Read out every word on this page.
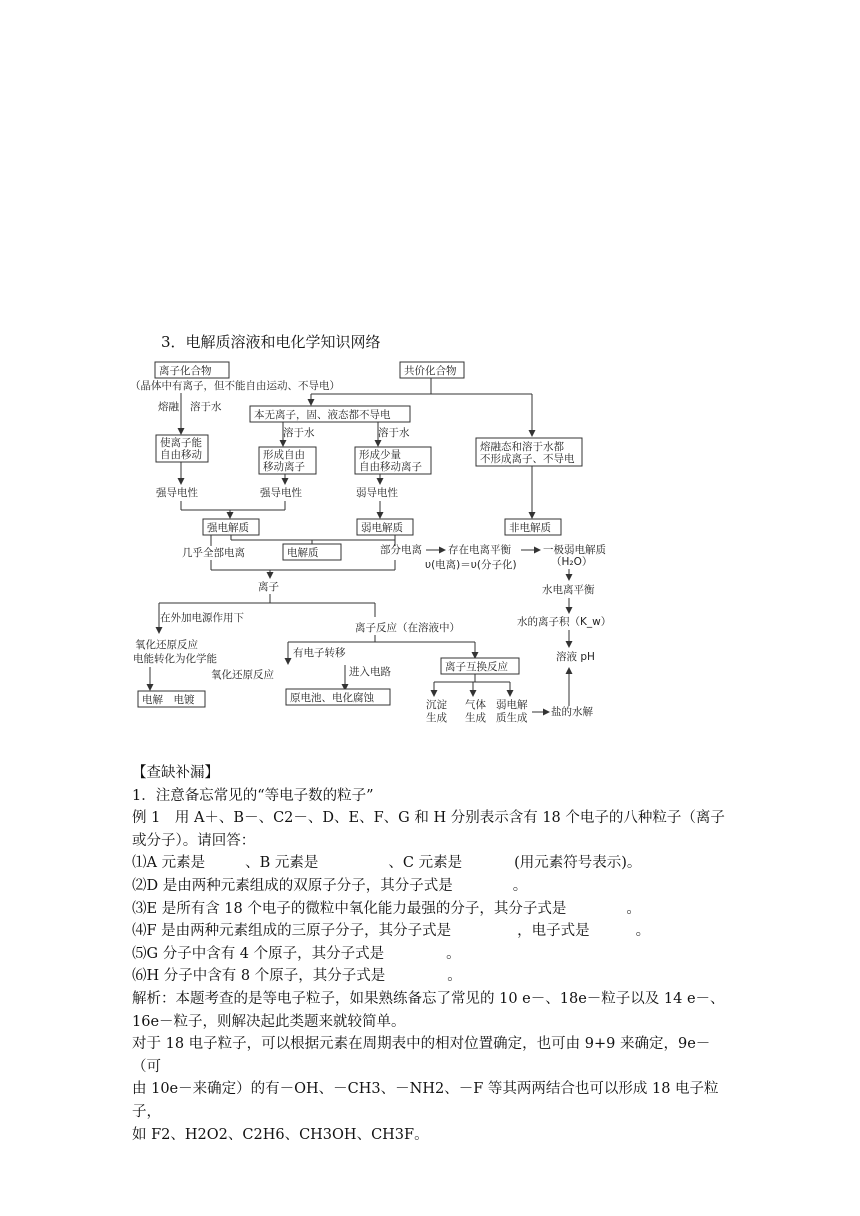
3．电解质溶液和电化学知识网络
离子化合物
（晶体中有离子，但不能自由运动、不导电）
共价化合物
熔融 溶于水
本无离子，固、液态都不导电
溶于水	溶于水
使离子能
自由移动	形成自由
移动离子
形成少量
自由移动离子
熔融态和溶于水都
不形成离子、不导电
强导电性	强导电性	弱导电性
强电解质	弱电解质	非电解质
电解质
几乎全部电离	部分电离 存在电离平衡
υ(电离)＝υ(分子化)
一极弱电解质
（H₂O）
水电离平衡
水的离子积（K_w）
溶液 pH
离子
在外加电源作用下
离子反应（在溶液中）
氧化还原反应
电能转化为化学能
电解　电镀
有电子转移
氧化还原反应	进入电路
原电池、电化腐蚀
离子互换反应
沉淀
生成
气体
生成
弱电解
质生成 盐的水解

【查缺补漏】

1．注意备忘常见的“等电子数的粒子”

例 1　用 A＋、B－、C2－、D、E、F、G 和 H 分别表示含有 18 个电子的八种粒子（离子

或分子）。请回答：

⑴A 元素是	、B 元素是	、C 元素是	(用元素符号表示)。

⑵D 是由两种元素组成的双原子分子，其分子式是	。

⑶E 是所有含 18 个电子的微粒中氧化能力最强的分子，其分子式是	。

⑷F 是由两种元素组成的三原子分子，其分子式是	，电子式是	。

⑸G 分子中含有 4 个原子，其分子式是	。

⑹H 分子中含有 8 个原子，其分子式是	。

解析：本题考查的是等电子粒子，如果熟练备忘了常见的 10 e－、18e－粒子以及 14 e－、

16e－粒子，则解决起此类题来就较简单。

对于 18 电子粒子，可以根据元素在周期表中的相对位置确定，也可由 9+9 来确定，9e－（可

由 10e－来确定）的有－OH、－CH3、－NH2、－F 等其两两结合也可以形成 18 电子粒子，

如 F2、H2O2、C2H6、CH3OH、CH3F。
